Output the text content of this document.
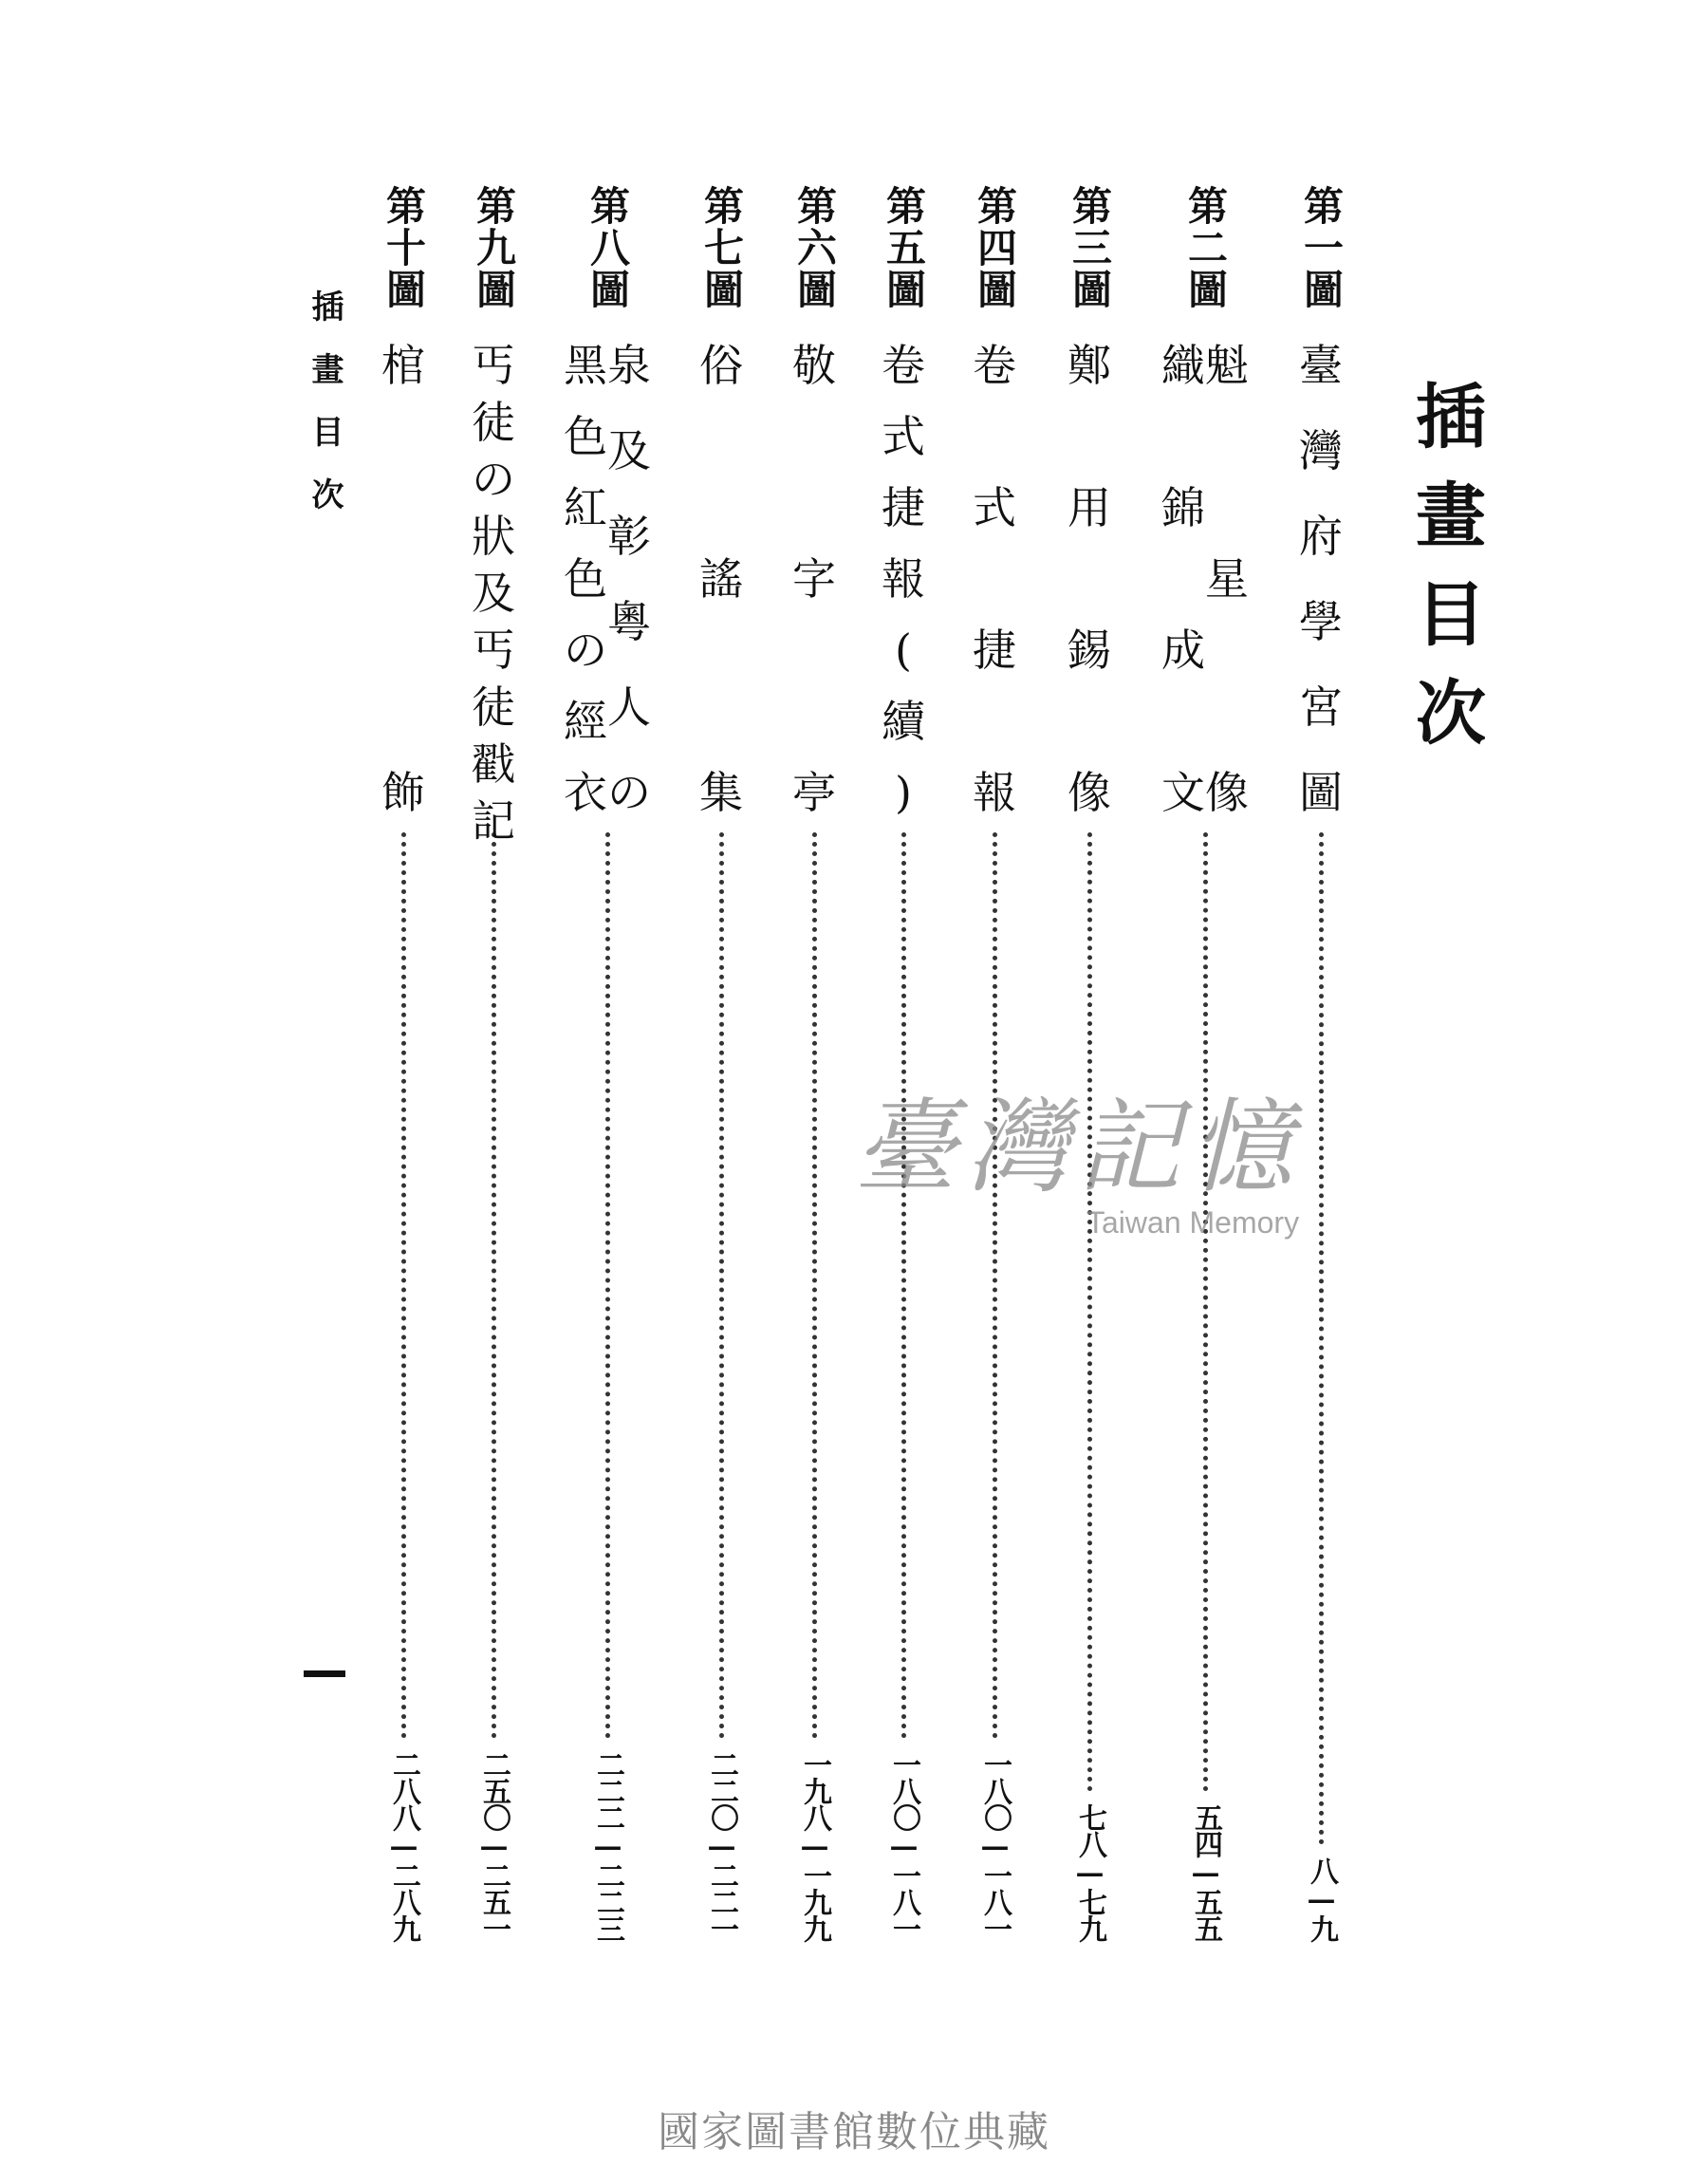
插畫目次
第一圖
臺
灣
府
學
宮
圖
八—九
第二圖
魁
星
像
織
錦
成
文
五四—五五
第三圖
鄭
用
錫
像
七八—七九
第四圖
卷
式
捷
報
一八〇—一八一
第五圖
卷
式
捷
報
(
續
)
一八〇—一八一
第六圖
敬
字
亭
一九八—一九九
第七圖
俗
謠
集
二二〇—二二一
第八圖
泉
及
彰
粵
人
の
黑
色
紅
色
の
經
衣
二二二—二二三
第九圖
丐
徒
の
狀
及
丐
徒
戳
記
二五〇—二五一
第十圖
棺
飾
二八八—二八九
插畫目次
臺灣記憶
Taiwan Memory
國家圖書館數位典藏
